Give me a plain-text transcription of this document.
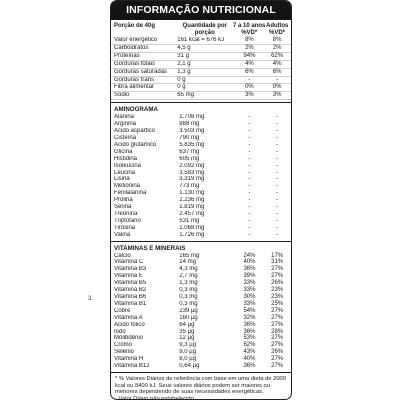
3.
INFORMAÇÃO NUTRICIONAL
Porção de 40g	Quantidade por porção
7 a 10 anos %VD*
Adultos %VD*
Valor energético	161 kcal = 676 kJ	8%	8%
Carboidratos	4,5 g	2%	2%
Proteínas	31 g	94%	62%
Gorduras totais	2,1 g	4%	4%
Gorduras saturadas	1,3 g	6%	6%
Gorduras trans	0 g	-	-
Fibra alimentar	0 g	0%	0%
Sódio	65 mg	3%	3%
AMINOGRAMA
Alanina	1.708 mg	-	-
Arginina	888 mg	-	-
Ácido aspártico	3.503 mg	-	-
Cisteína	790 mg	-	-
Ácido glutâmico	5.835 mg	-	-
Glicina	637 mg	-	-
Histidina	605 mg	-	-
Isoleucina	2.092 mg	-	-
Leucina	3.583 mg	-	-
Lisina	3.319 mg	-	-
Metionina	773 mg	-	-
Fenilalanina	1.130 mg	-	-
Prolina	2.236 mg	-	-
Serina	1.819 mg	-	-
Treonina	2.457 mg	-	-
Triptofano	531 mg	-	-
Tirosina	1.068 mg	-	-
Valina	1.726 mg	-	-
VITAMINAS E MINERAIS
Cálcio	165 mg	24%	17%
Vitamina C	14 mg	40%	31%
Vitamina B3	4,3 mg	36%	27%
Vitamina E	2,7 mg	39%	27%
Vitamina B5	1,3 mg	33%	26%
Vitamina B2	0,3 mg	33%	23%
Vitamina B6	0,3 mg	30%	23%
Vitamina B1	0,3 mg	33%	25%
Cobre	239 µg	54%	27%
Vitamina A	160 µg	32%	27%
Ácido fólico	64 µg	36%	27%
Iodo	35 µg	36%	28%
Molibdênio	12 µg	53%	27%
Cromo	9,3 µg	62%	27%
Selênio	9,0 µg	43%	26%
Vitamina H	8,0 µg	40%	27%
Vitamina B12	0,64 µg	36%	27%
* % Valores Diários de referência com base em uma dieta de 2000 kcal ou 8400 kJ. Seus valores diários podem ser maiores ou menores dependendo de suas necessidades energéticas.
- Valor Diário não estabelecido.
